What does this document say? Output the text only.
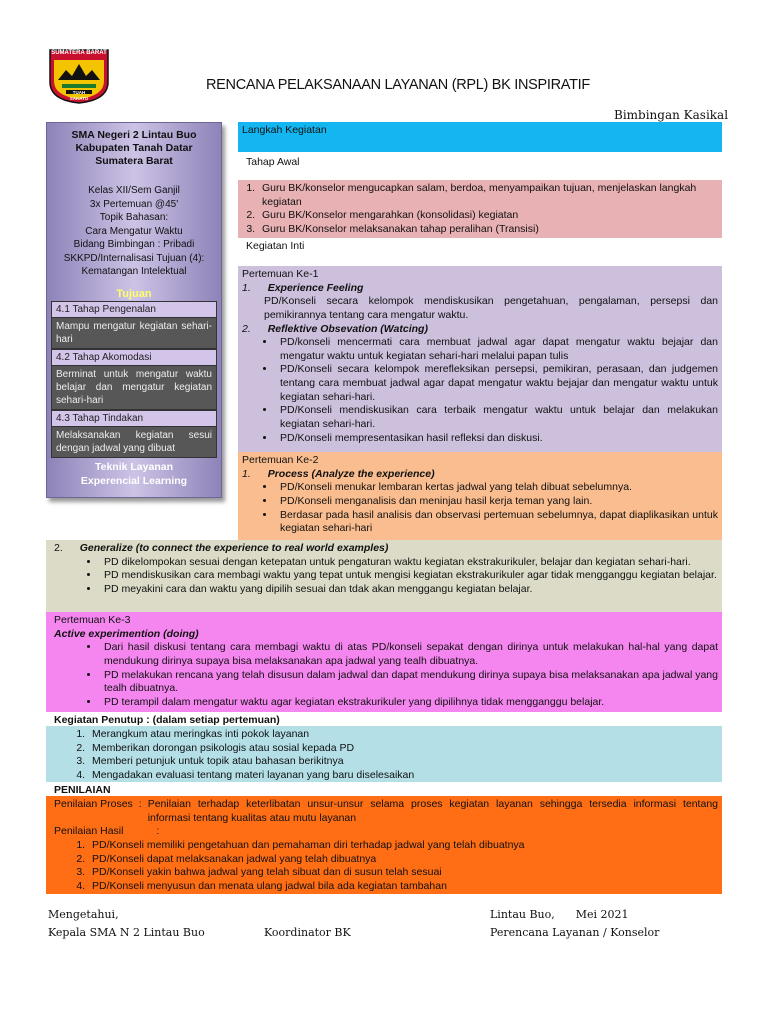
SUMATERA BARAT
TUAH SAKATO
RENCANA PELAKSANAAN LAYANAN (RPL) BK INSPIRATIF
Bimbingan Kasikal
SMA Negeri 2 Lintau Buo
Kabupaten Tanah Datar
Sumatera Barat
Kelas XII/Sem Ganjil
3x Pertemuan @45'
Topik Bahasan:
Cara Mengatur Waktu
Bidang Bimbingan : Pribadi
SKKPD/Internalisasi Tujuan (4):
Kematangan Intelektual
Tujuan
4.1 Tahap Pengenalan
Mampu mengatur kegiatan sehari-hari
4.2 Tahap Akomodasi
Berminat untuk mengatur waktu belajar dan mengatur kegiatan sehari-hari
4.3 Tahap Tindakan
Melaksanakan kegiatan sesui dengan jadwal yang dibuat
Teknik Layanan
Experencial Learning
Langkah Kegiatan
Tahap Awal
1. Guru BK/konselor mengucapkan salam, berdoa, menyampaikan tujuan, menjelaskan langkah kegiatan
2. Guru BK/Konselor mengarahkan (konsolidasi) kegiatan
3. Guru BK/Konselor melaksanakan tahap peralihan (Transisi)
Kegiatan Inti
Pertemuan Ke-1
1. Experience Feeling
PD/Konseli secara kelompok mendiskusikan pengetahuan, pengalaman, persepsi dan pemikirannya tentang cara mengatur waktu.
2. Reflektive Obsevation (Watcing)
• PD/konseli mencermati cara membuat jadwal agar dapat mengatur waktu bejajar dan mengatur waktu untuk kegiatan sehari-hari melalui papan tulis
• PD/Konseli secara kelompok merefleksikan persepsi, pemikiran, perasaan, dan judgemen tentang cara membuat jadwal agar dapat mengatur waktu bejajar dan mengatur waktu untuk kegiatan sehari-hari.
• PD/Konseli mendiskusikan cara terbaik mengatur waktu untuk belajar dan melakukan kegiatan sehari-hari.
• PD/Konseli mempresentasikan hasil refleksi dan diskusi.
Pertemuan Ke-2
1. Process (Analyze the experience)
• PD/Konseli menukar lembaran kertas jadwal yang telah dibuat sebelumnya.
• PD/Konseli menganalisis dan meninjau hasil kerja teman yang lain.
• Berdasar pada hasil analisis dan observasi pertemuan sebelumnya, dapat diaplikasikan untuk kegiatan sehari-hari
2. Generalize (to connect the experience to real world examples)
• PD dikelompokan sesuai dengan ketepatan untuk pengaturan waktu kegiatan ekstrakurikuler, belajar dan kegiatan sehari-hari.
• PD mendiskusikan cara membagi waktu yang tepat untuk mengisi kegiatan ekstrakurikuler agar tidak mengganggu kegiatan belajar.
• PD meyakini cara dan waktu yang dipilih sesuai dan tdak akan menggangu kegiatan belajar.
Pertemuan Ke-3
Active experimention (doing)
• Dari hasil diskusi tentang cara membagi waktu di atas PD/konseli sepakat dengan dirinya untuk melakukan hal-hal yang dapat mendukung dirinya supaya bisa melaksanakan apa jadwal yang tealh dibuatnya.
• PD melakukan rencana yang telah disusun dalam jadwal dan dapat mendukung dirinya supaya bisa melaksanakan apa jadwal yang tealh dibuatnya.
• PD terampil dalam mengatur waktu agar kegiatan ekstrakurikuler yang dipilihnya tidak mengganggu belajar.
Kegiatan Penutup : (dalam setiap pertemuan)
1. Merangkum atau meringkas inti pokok layanan
2. Memberikan dorongan psikologis atau sosial kepada PD
3. Memberi petunjuk untuk topik atau bahasan berikitnya
4. Mengadakan evaluasi tentang materi layanan yang baru diselesaikan
PENILAIAN
Penilaian Proses : Penilaian terhadap keterlibatan unsur-unsur selama proses kegiatan layanan sehingga tersedia informasi tentang informasi tentang kualitas atau mutu layanan
Penilaian Hasil	:
1. PD/Konseli memiliki pengetahuan dan pemahaman diri terhadap jadwal yang telah dibuatnya
2. PD/Konseli dapat melaksanakan jadwal yang telah dibuatnya
3. PD/Konseli yakin bahwa jadwal yang telah sibuat dan di susun telah sesuai
4. PD/Konseli menyusun dan menata ulang jadwal bila ada kegiatan tambahan
Mengetahui,
Kepala SMA N 2 Lintau Buo	Koordinator BK
Lintau Buo,      Mei 2021
Perencana Layanan / Konselor
